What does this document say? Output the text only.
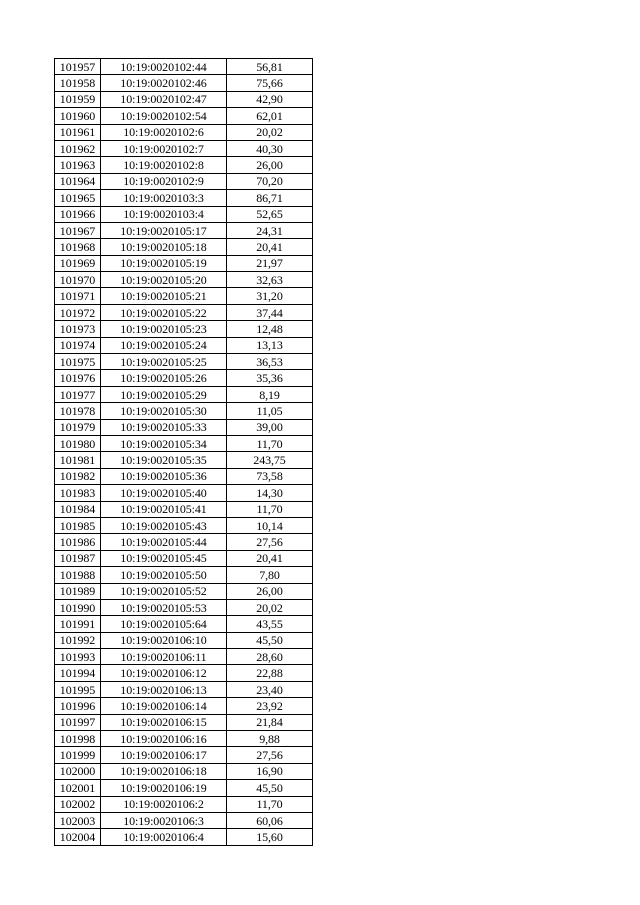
101957	10:19:0020102:44	56,81
101958	10:19:0020102:46	75,66
101959	10:19:0020102:47	42,90
101960	10:19:0020102:54	62,01
101961	10:19:0020102:6	20,02
101962	10:19:0020102:7	40,30
101963	10:19:0020102:8	26,00
101964	10:19:0020102:9	70,20
101965	10:19:0020103:3	86,71
101966	10:19:0020103:4	52,65
101967	10:19:0020105:17	24,31
101968	10:19:0020105:18	20,41
101969	10:19:0020105:19	21,97
101970	10:19:0020105:20	32,63
101971	10:19:0020105:21	31,20
101972	10:19:0020105:22	37,44
101973	10:19:0020105:23	12,48
101974	10:19:0020105:24	13,13
101975	10:19:0020105:25	36,53
101976	10:19:0020105:26	35,36
101977	10:19:0020105:29	8,19
101978	10:19:0020105:30	11,05
101979	10:19:0020105:33	39,00
101980	10:19:0020105:34	11,70
101981	10:19:0020105:35	243,75
101982	10:19:0020105:36	73,58
101983	10:19:0020105:40	14,30
101984	10:19:0020105:41	11,70
101985	10:19:0020105:43	10,14
101986	10:19:0020105:44	27,56
101987	10:19:0020105:45	20,41
101988	10:19:0020105:50	7,80
101989	10:19:0020105:52	26,00
101990	10:19:0020105:53	20,02
101991	10:19:0020105:64	43,55
101992	10:19:0020106:10	45,50
101993	10:19:0020106:11	28,60
101994	10:19:0020106:12	22,88
101995	10:19:0020106:13	23,40
101996	10:19:0020106:14	23,92
101997	10:19:0020106:15	21,84
101998	10:19:0020106:16	9,88
101999	10:19:0020106:17	27,56
102000	10:19:0020106:18	16,90
102001	10:19:0020106:19	45,50
102002	10:19:0020106:2	11,70
102003	10:19:0020106:3	60,06
102004	10:19:0020106:4	15,60
